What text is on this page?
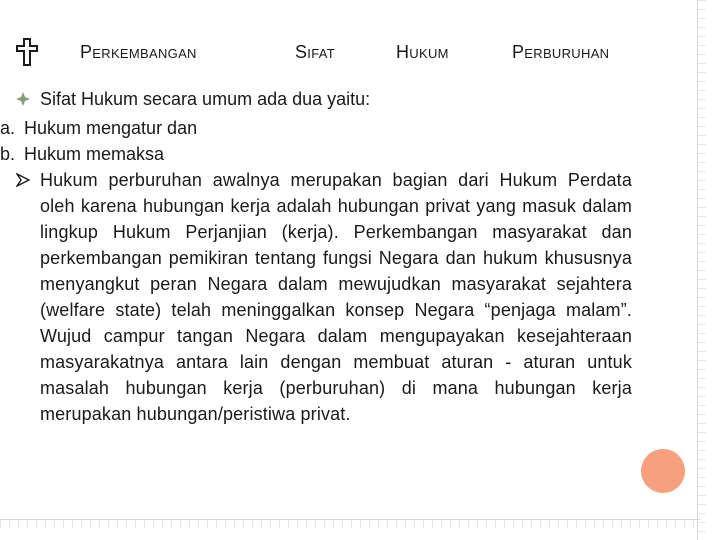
Perkembangan	Sifat	Hukum	Perburuhan
Sifat Hukum secara umum ada dua yaitu:
a. Hukum mengatur dan
b. Hukum memaksa
Hukum perburuhan awalnya merupakan bagian dari Hukum Perdata oleh karena hubungan kerja adalah hubungan privat yang masuk dalam lingkup Hukum Perjanjian (kerja). Perkembangan masyarakat dan perkembangan pemikiran tentang fungsi Negara dan hukum khususnya menyangkut peran Negara dalam mewujudkan masyarakat sejahtera (welfare state) telah meninggalkan konsep Negara “penjaga malam”. Wujud campur tangan Negara dalam mengupayakan kesejahteraan masyarakatnya antara lain dengan membuat aturan - aturan untuk masalah hubungan kerja (perburuhan) di mana hubungan kerja merupakan hubungan/peristiwa privat.
